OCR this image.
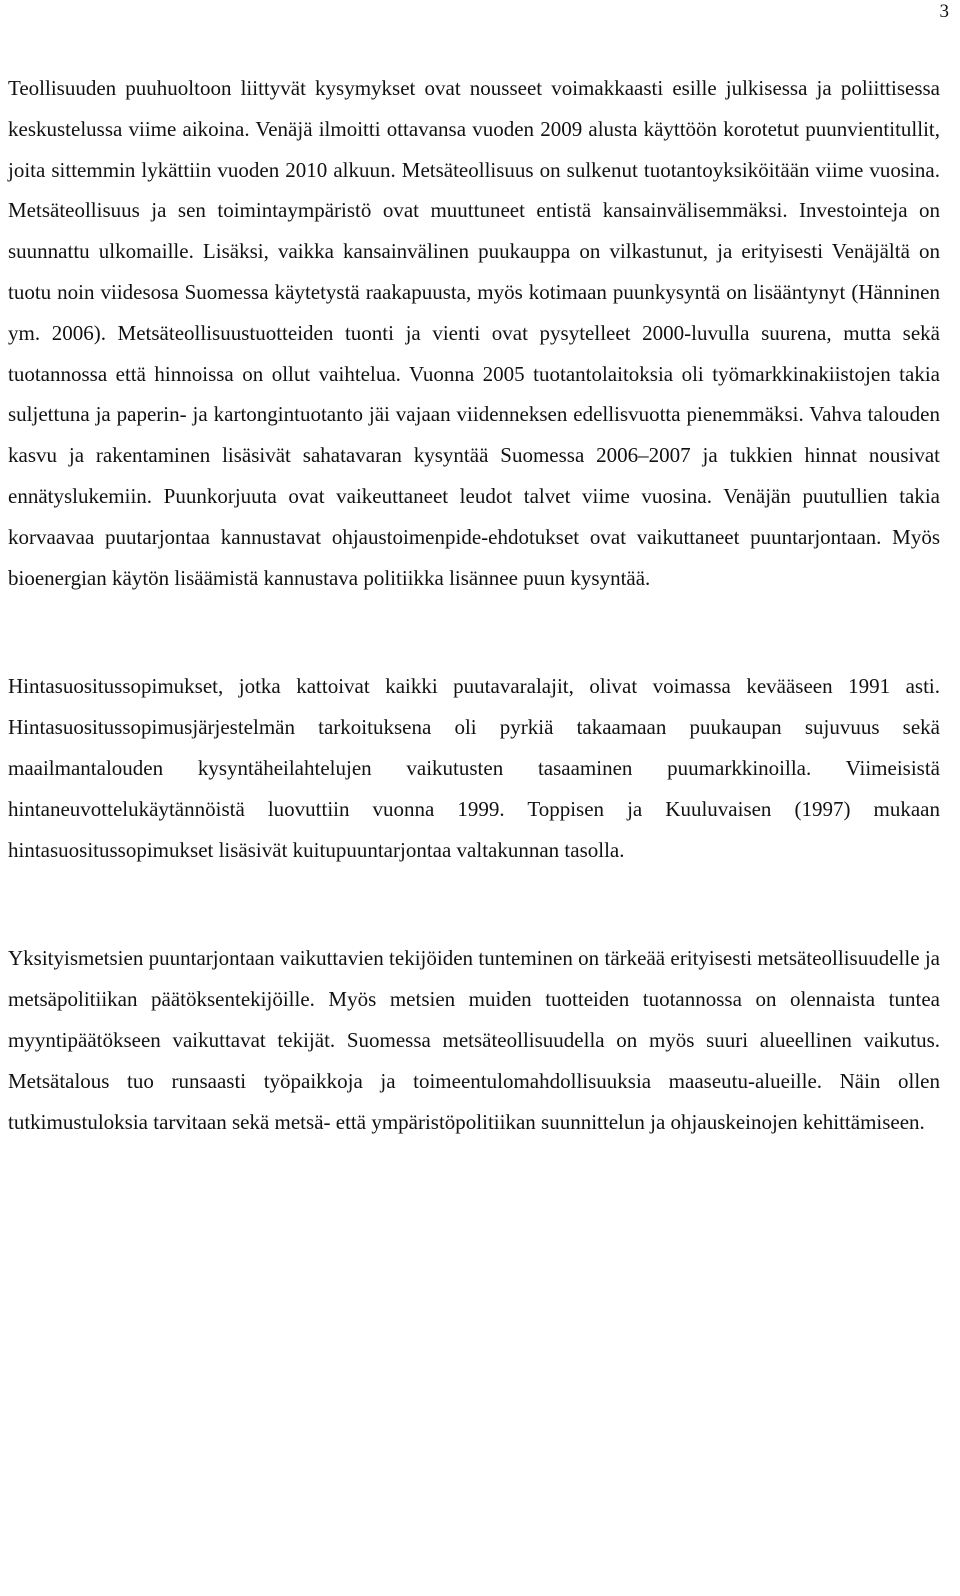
3

Teollisuuden puuhuoltoon liittyvät kysymykset ovat nousseet voimakkaasti esille julkisessa ja poliittisessa keskustelussa viime aikoina. Venäjä ilmoitti ottavansa vuoden 2009 alusta käyttöön korotetut puunvientitullit, joita sittemmin lykättiin vuoden 2010 alkuun. Metsäteollisuus on sulkenut tuotantoyksiköitään viime vuosina. Metsäteollisuus ja sen toimintaympäristö ovat muuttuneet entistä kansainvälisemmäksi. Investointeja on suunnattu ulkomaille. Lisäksi, vaikka kansainvälinen puukauppa on vilkastunut, ja erityisesti Venäjältä on tuotu noin viidesosa Suomessa käytetystä raakapuusta, myös kotimaan puunkysyntä on lisääntynyt (Hänninen ym. 2006). Metsäteollisuustuotteiden tuonti ja vienti ovat pysytelleet 2000-luvulla suurena, mutta sekä tuotannossa että hinnoissa on ollut vaihtelua. Vuonna 2005 tuotantolaitoksia oli työmarkkinakiistojen takia suljettuna ja paperin- ja kartongintuotanto jäi vajaan viidenneksen edellisvuotta pienemmäksi. Vahva talouden kasvu ja rakentaminen lisäsivät sahatavaran kysyntää Suomessa 2006–2007 ja tukkien hinnat nousivat ennätyslukemiin. Puunkorjuuta ovat vaikeuttaneet leudot talvet viime vuosina. Venäjän puutullien takia korvaavaa puutarjontaa kannustavat ohjaustoimenpide-ehdotukset ovat vaikuttaneet puuntarjontaan. Myös bioenergian käytön lisäämistä kannustava politiikka lisännee puun kysyntää.

Hintasuositussopimukset, jotka kattoivat kaikki puutavaralajit, olivat voimassa kevääseen 1991 asti. Hintasuositussopimusjärjestelmän tarkoituksena oli pyrkiä takaamaan puukaupan sujuvuus sekä maailmantalouden kysyntäheilahtelujen vaikutusten tasaaminen puumarkkinoilla. Viimeisistä hintaneuvottelukäytännöistä luovuttiin vuonna 1999. Toppisen ja Kuuluvaisen (1997) mukaan hintasuositussopimukset lisäsivät kuitupuuntarjontaa valtakunnan tasolla.

Yksityismetsien puuntarjontaan vaikuttavien tekijöiden tunteminen on tärkeää erityisesti metsäteollisuudelle ja metsäpolitiikan päätöksentekijöille. Myös metsien muiden tuotteiden tuotannossa on olennaista tuntea myyntipäätökseen vaikuttavat tekijät. Suomessa metsäteollisuudella on myös suuri alueellinen vaikutus. Metsätalous tuo runsaasti työpaikkoja ja toimeentulomahdollisuuksia maaseutu-alueille. Näin ollen tutkimustuloksia tarvitaan sekä metsä- että ympäristöpolitiikan suunnittelun ja ohjauskeinojen kehittämiseen.
